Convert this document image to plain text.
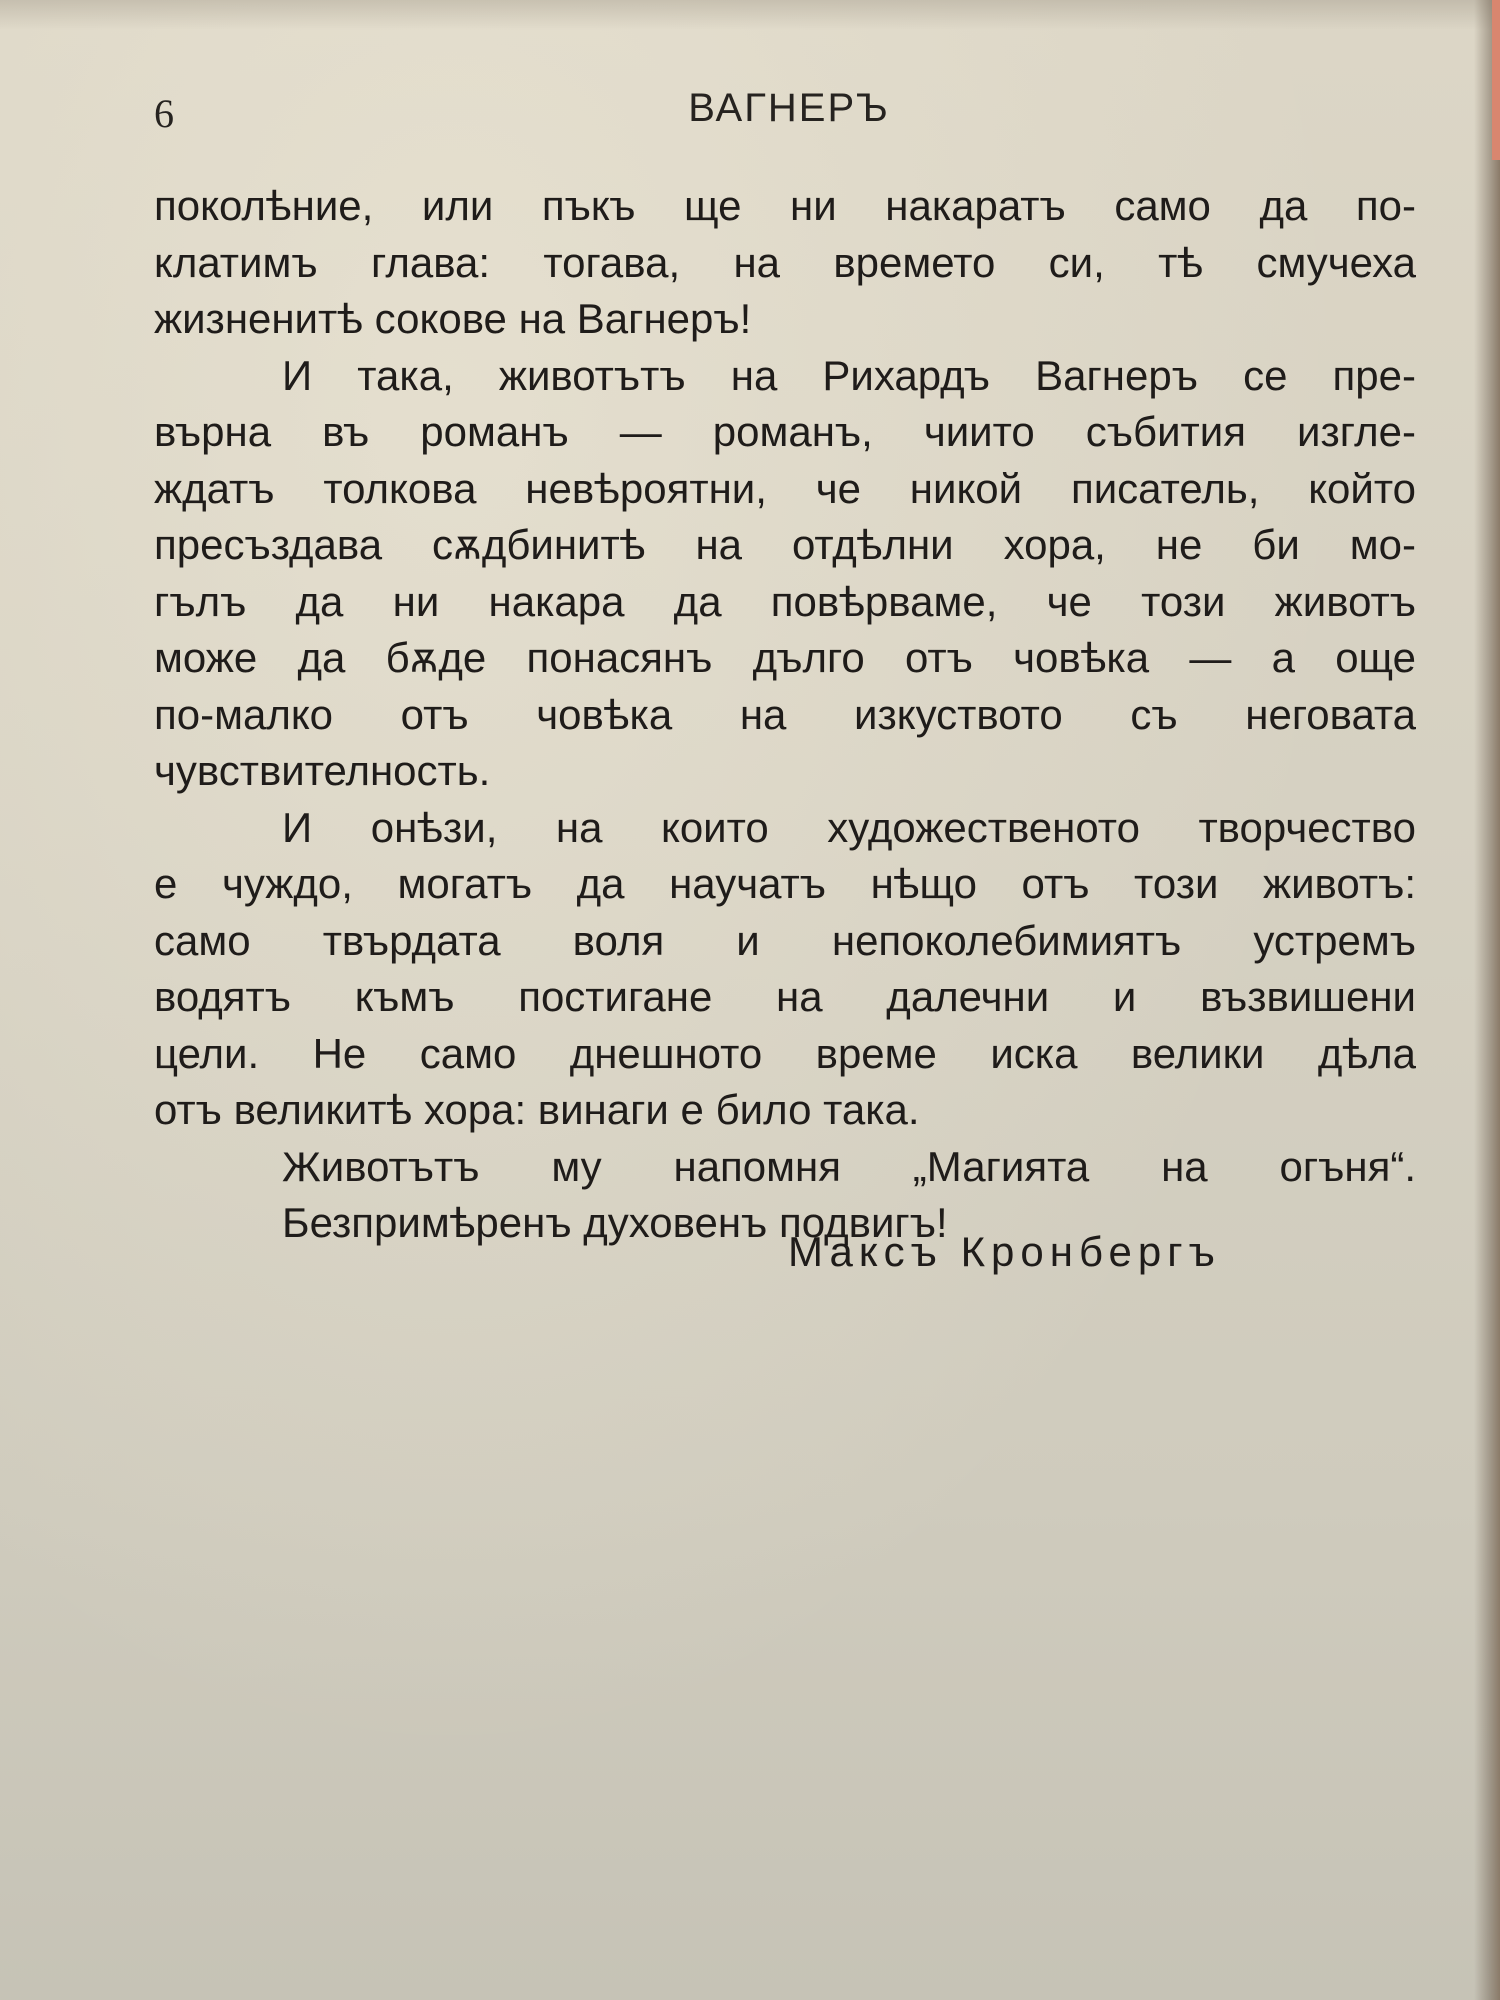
6	ВАГНЕРЪ
поколѣние, или пъкъ ще ни накаратъ само да по-
клатимъ глава: тогава, на времето си, тѣ смучеха
жизненитѣ сокове на Вагнеръ!
И така, животътъ на Рихардъ Вагнеръ се пре-
върна въ романъ — романъ, чиито събития изгле-
ждатъ толкова невѣроятни, че никой писатель, който
пресъздава сѫдбинитѣ на отдѣлни хора, не би мо-
гълъ да ни накара да повѣрваме, че този животъ
може да бѫде понасянъ дълго отъ човѣка — а още
по-малко отъ човѣка на изкуството съ неговата
чувствителность.
И онѣзи, на които художественото творчество
е чуждо, могатъ да научатъ нѣщо отъ този животъ:
само твърдата воля и непоколебимиятъ устремъ
водятъ къмъ постигане на далечни и възвишени
цели. Не само днешното време иска велики дѣла
отъ великитѣ хора: винаги е било така.
Животътъ му напомня „Магията на огъня“.
Безпримѣренъ духовенъ подвигъ!
Максъ Кронбергъ
